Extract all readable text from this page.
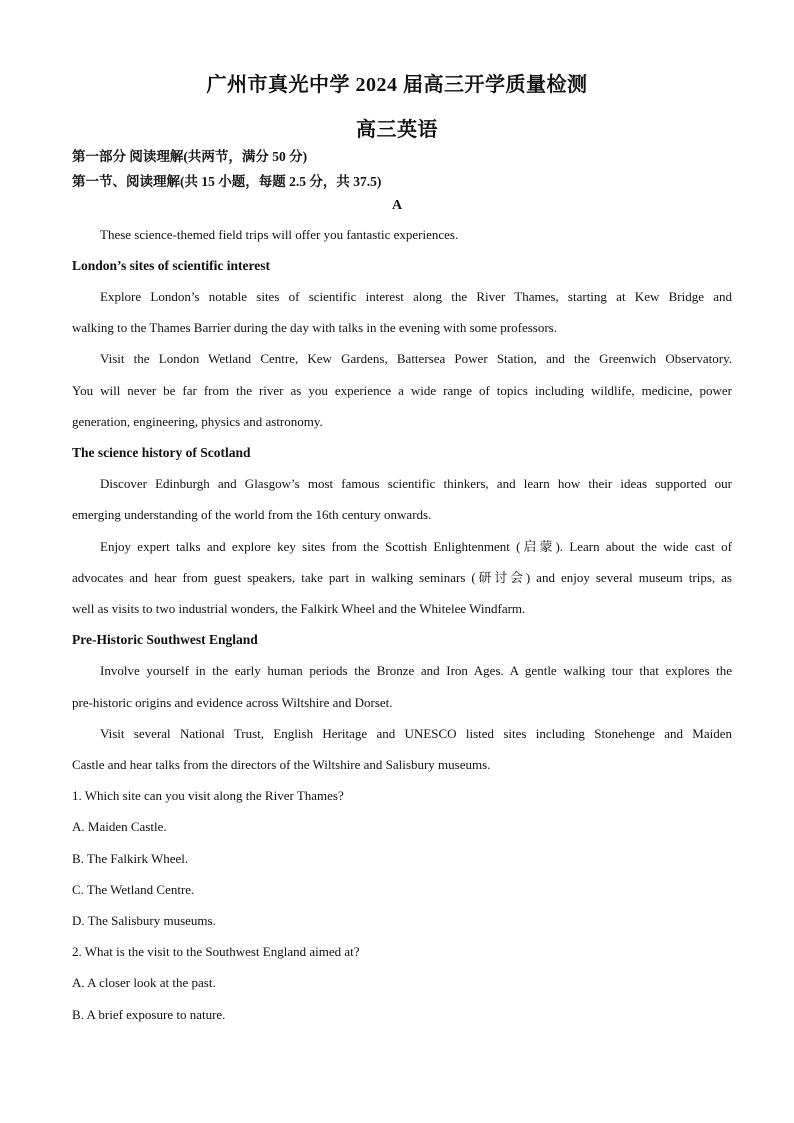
广州市真光中学 2024 届高三开学质量检测
高三英语
第一部分 阅读理解(共两节，满分 50 分)
第一节、阅读理解(共 15 小题，每题 2.5 分，共 37.5)
A
These science-themed field trips will offer you fantastic experiences.
London’s sites of scientific interest
Explore London’s notable sites of scientific interest along the River Thames, starting at Kew Bridge and
walking to the Thames Barrier during the day with talks in the evening with some professors.
Visit the London Wetland Centre, Kew Gardens, Battersea Power Station, and the Greenwich Observatory.
You will never be far from the river as you experience a wide range of topics including wildlife, medicine, power
generation, engineering, physics and astronomy.
The science history of Scotland
Discover Edinburgh and Glasgow’s most famous scientific thinkers, and learn how their ideas supported our
emerging understanding of the world from the 16th century onwards.
Enjoy expert talks and explore key sites from the Scottish Enlightenment (启蒙). Learn about the wide cast of
advocates and hear from guest speakers, take part in walking seminars (研讨会) and enjoy several museum trips, as
well as visits to two industrial wonders, the Falkirk Wheel and the Whitelee Windfarm.
Pre-Historic Southwest England
Involve yourself in the early human periods the Bronze and Iron Ages. A gentle walking tour that explores the
pre-historic origins and evidence across Wiltshire and Dorset.
Visit several National Trust, English Heritage and UNESCO listed sites including Stonehenge and Maiden
Castle and hear talks from the directors of the Wiltshire and Salisbury museums.
1. Which site can you visit along the River Thames?
A. Maiden Castle.
B. The Falkirk Wheel.
C. The Wetland Centre.
D. The Salisbury museums.
2. What is the visit to the Southwest England aimed at?
A. A closer look at the past.
B. A brief exposure to nature.
